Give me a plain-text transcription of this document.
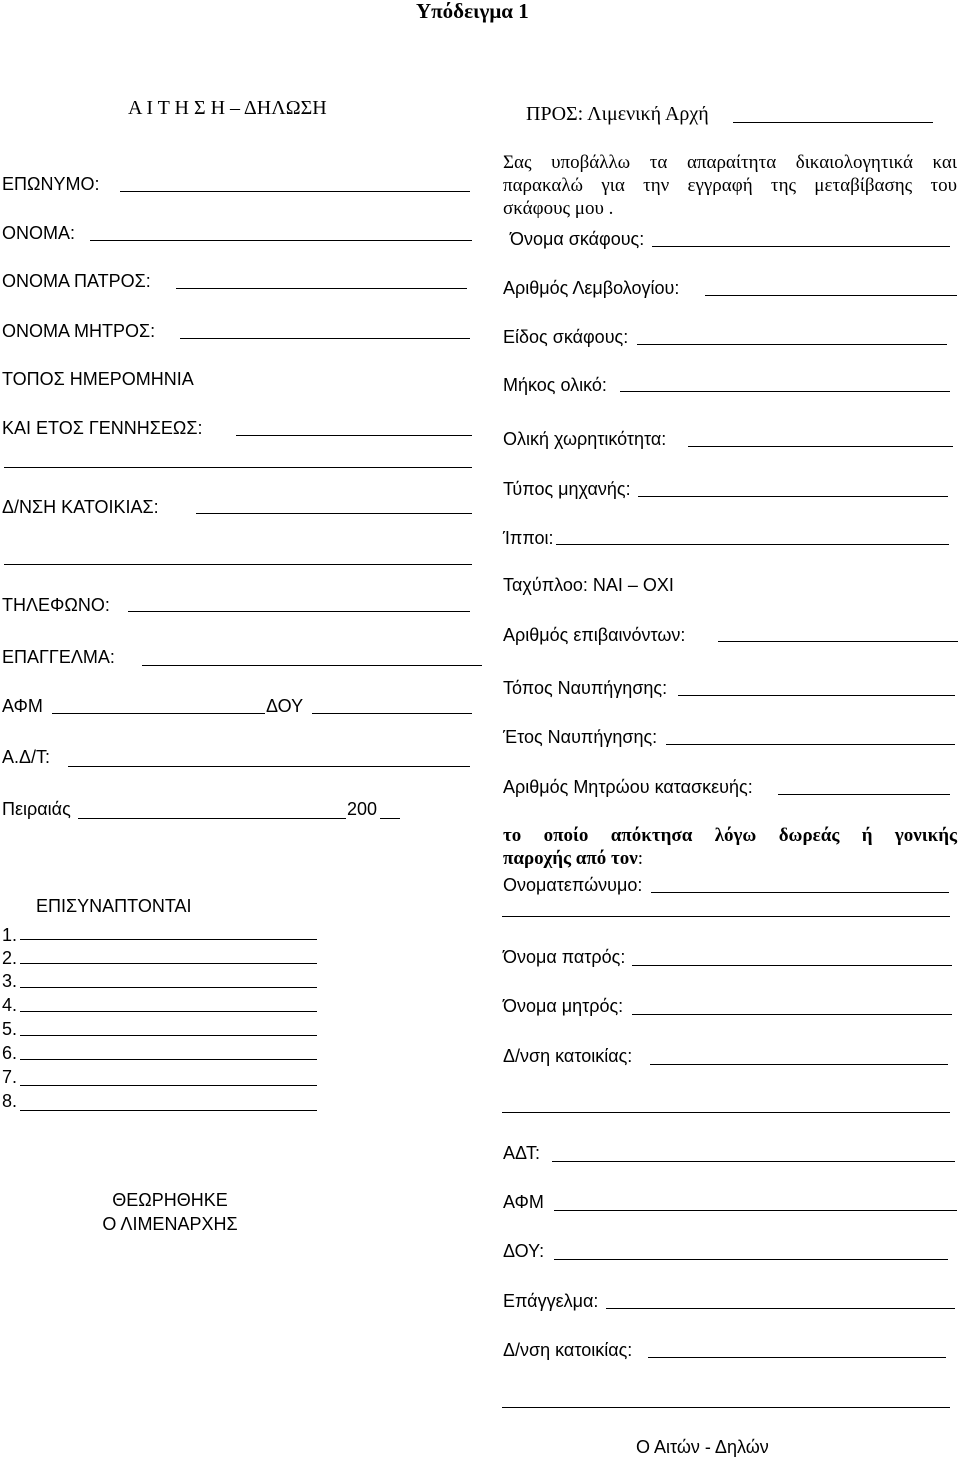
Υπόδειγμα 1
Α Ι Τ Η Σ Η – ΔΗΛΩΣΗ
ΕΠΩΝΥΜΟ:
ΟΝΟΜΑ:
ΟΝΟΜΑ ΠΑΤΡΟΣ:
ΟΝΟΜΑ ΜΗΤΡΟΣ:
ΤΟΠΟΣ ΗΜΕΡΟΜΗΝΙΑ
ΚΑΙ ΕΤΟΣ ΓΕΝΝΗΣΕΩΣ:
Δ/ΝΣΗ ΚΑΤΟΙΚΙΑΣ:
ΤΗΛΕΦΩΝΟ:
ΕΠΑΓΓΕΛΜΑ:
ΑΦΜ	ΔΟΥ
Α.Δ/Τ:
Πειραιάς	200
ΕΠΙΣΥΝΑΠΤΟΝΤΑΙ
1.
2.
3.
4.
5.
6.
7.
8.
ΘΕΩΡΗΘΗΚΕ
Ο ΛΙΜΕΝΑΡΧΗΣ
ΠΡΟΣ: Λιμενική Αρχή
Σας υποβάλλω τα απαραίτητα δικαιολογητικά και
παρακαλώ για την εγγραφή της μεταβίβασης του
σκάφους μου .
Όνομα σκάφους:
Αριθμός Λεμβολογίου:
Είδος σκάφους:
Μήκος ολικό:
Ολική χωρητικότητα:
Τύπος μηχανής:
Ίπποι:
Ταχύπλοο: ΝΑΙ – ΟΧΙ
Αριθμός επιβαινόντων:
Τόπος Ναυπήγησης:
Έτος Ναυπήγησης:
Αριθμός Μητρώου κατασκευής:
το οποίο απόκτησα λόγω δωρεάς ή γονικής
παροχής από τον:
Ονοματεπώνυμο:
Όνομα πατρός:
Όνομα μητρός:
Δ/νση κατοικίας:
ΑΔΤ:
ΑΦΜ
ΔΟΥ:
Επάγγελμα:
Δ/νση κατοικίας:
Ο Αιτών - Δηλών
